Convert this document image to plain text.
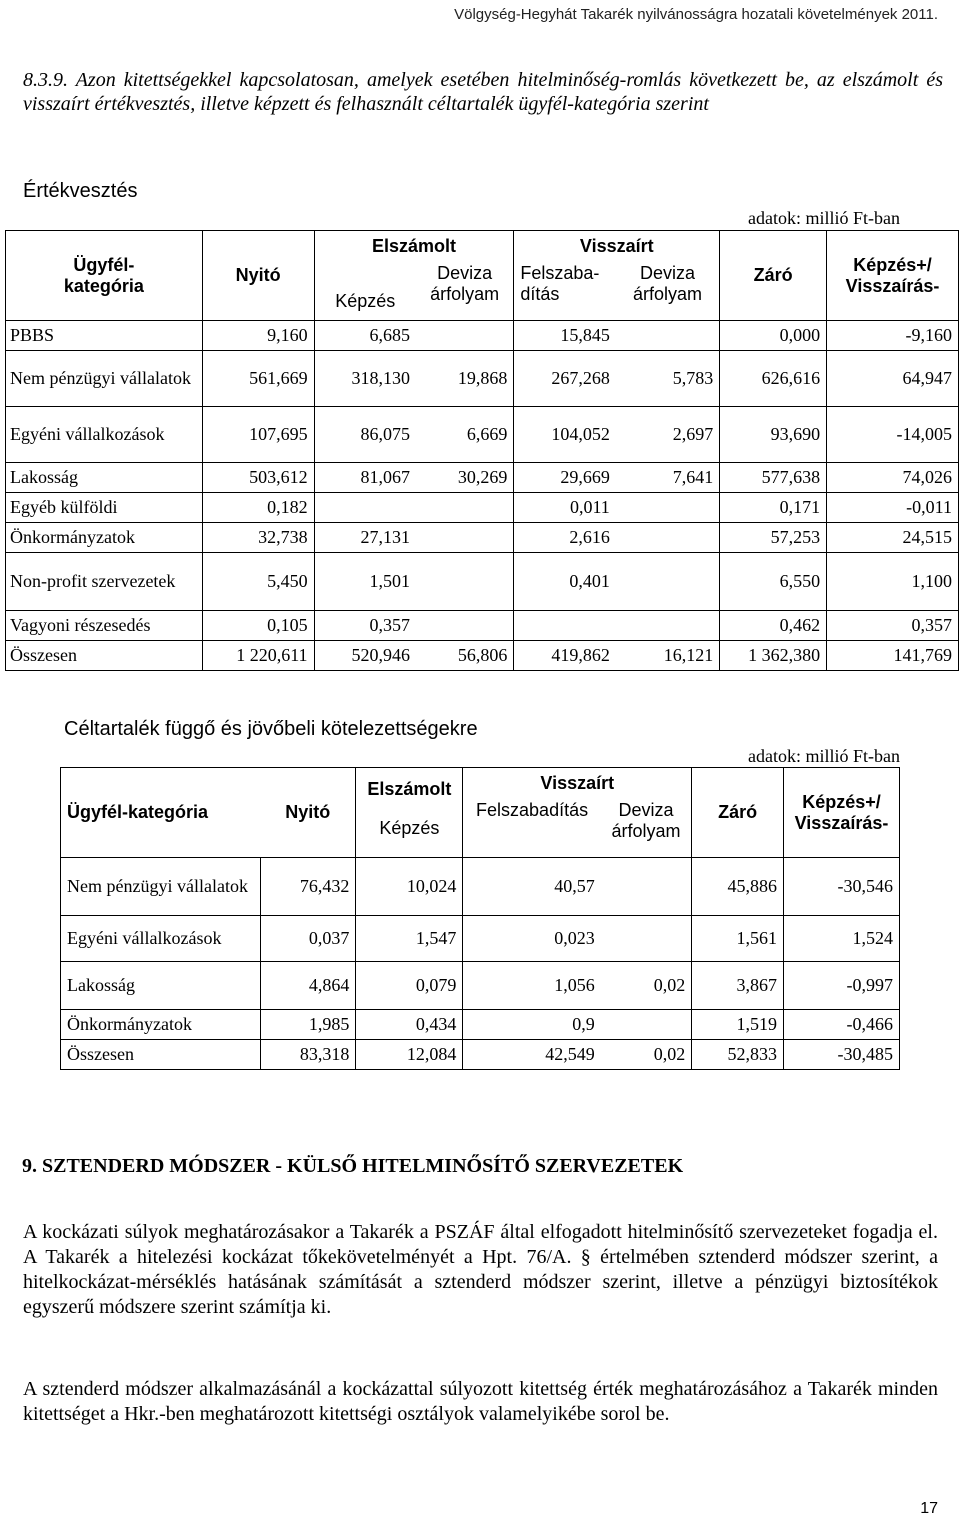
Völgység-Hegyhát Takarék nyilvánosságra hozatali követelmények 2011.
8.3.9. Azon kitettségekkel kapcsolatosan, amelyek esetében hitelminőség-romlás következett be, az elszámolt és visszaírt értékvesztés, illetve képzett és felhasznált céltartalék ügyfél-kategória szerint
Értékvesztés
adatok: millió Ft-ban
Ügyfél-
kategória	Nyitó	Elszámolt		Visszaírt		Záró	Képzés+/
Visszaírás-
		Képzés	Deviza
árfolyam	Felszaba-
dítás	Deviza
árfolyam		
PBBS	9,160	6,685		15,845		0,000	-9,160
Nem pénzügyi vállalatok	561,669	318,130	19,868	267,268	5,783	626,616	64,947
Egyéni vállalkozások	107,695	86,075	6,669	104,052	2,697	93,690	-14,005
Lakosság	503,612	81,067	30,269	29,669	7,641	577,638	74,026
Egyéb külföldi	0,182			0,011		0,171	-0,011
Önkormányzatok	32,738	27,131		2,616		57,253	24,515
Non-profit szervezetek	5,450	1,501		0,401		6,550	1,100
Vagyoni részesedés	0,105	0,357				0,462	0,357
Összesen	1 220,611	520,946	56,806	419,862	16,121	1 362,380	141,769
Céltartalék függő és jövőbeli kötelezettségekre
adatok: millió Ft-ban
Ügyfél-kategória	Nyitó	Elszámolt	Visszaírt		Záró	Képzés+/
Visszaírás-
		Képzés	Felszabadítás	Deviza
árfolyam		
Nem pénzügyi vállalatok	76,432	10,024	40,57		45,886	-30,546
Egyéni vállalkozások	0,037	1,547	0,023		1,561	1,524
Lakosság	4,864	0,079	1,056	0,02	3,867	-0,997
Önkormányzatok	1,985	0,434	0,9		1,519	-0,466
Összesen	83,318	12,084	42,549	0,02	52,833	-30,485
9. SZTENDERD MÓDSZER - KÜLSŐ HITELMINŐSÍTŐ SZERVEZETEK
A kockázati súlyok meghatározásakor a Takarék a PSZÁF által elfogadott hitelminősítő szervezeteket fogadja el. A Takarék a hitelezési kockázat tőkekövetelményét a Hpt. 76/A. § értelmében sztenderd módszer szerint, a hitelkockázat-mérséklés hatásának számítását a sztenderd módszer szerint, illetve a pénzügyi biztosítékok egyszerű módszere szerint számítja ki.
A sztenderd módszer alkalmazásánál a kockázattal súlyozott kitettség érték meghatározásához a Takarék minden kitettséget a Hkr.-ben meghatározott kitettségi osztályok valamelyikébe sorol be.
17
